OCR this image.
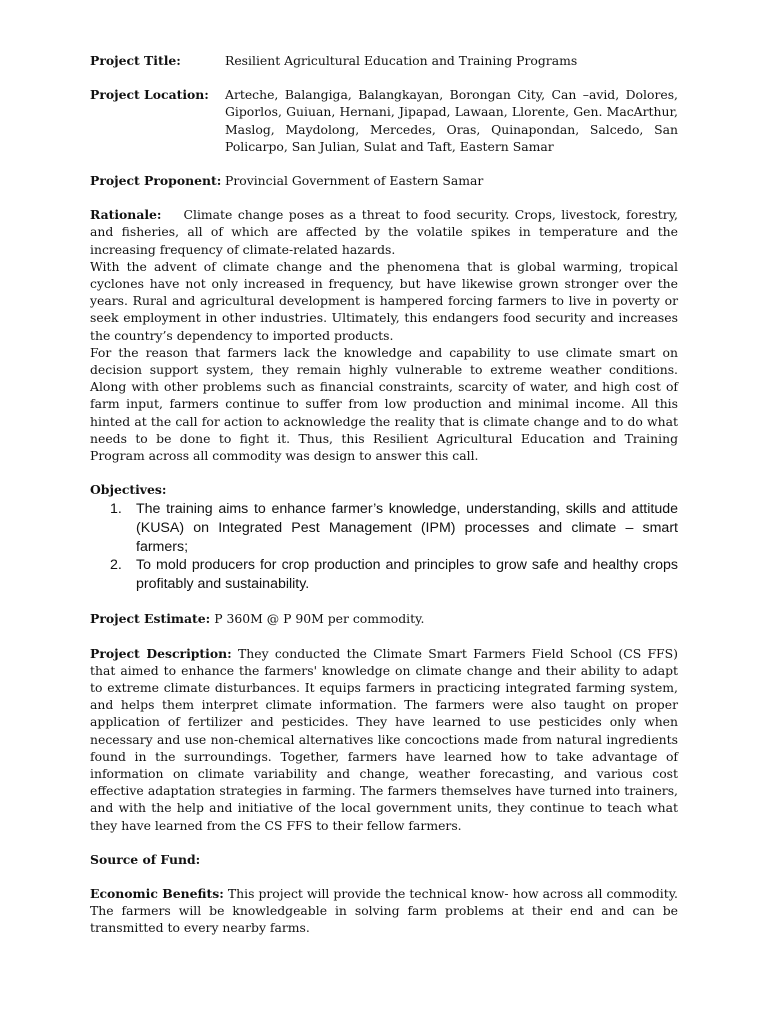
Project Title:	Resilient Agricultural Education and Training Programs
Project Location:	Arteche, Balangiga, Balangkayan, Borongan City, Can –avid, Dolores, Giporlos, Guiuan, Hernani, Jipapad, Lawaan, Llorente, Gen. MacArthur, Maslog, Maydolong, Mercedes, Oras, Quinapondan, Salcedo, San Policarpo, San Julian, Sulat and Taft, Eastern Samar
Project Proponent: Provincial Government of Eastern Samar

Rationale: Climate change poses as a threat to food security. Crops, livestock, forestry, and fisheries, all of which are affected by the volatile spikes in temperature and the increasing frequency of climate-related hazards.

With the advent of climate change and the phenomena that is global warming, tropical cyclones have not only increased in frequency, but have likewise grown stronger over the years. Rural and agricultural development is hampered forcing farmers to live in poverty or seek employment in other industries. Ultimately, this endangers food security and increases the country’s dependency to imported products.

For the reason that farmers lack the knowledge and capability to use climate smart on decision support system, they remain highly vulnerable to extreme weather conditions. Along with other problems such as financial constraints, scarcity of water, and high cost of farm input, farmers continue to suffer from low production and minimal income. All this hinted at the call for action to acknowledge the reality that is climate change and to do what needs to be done to fight it. Thus, this Resilient Agricultural Education and Training Program across all commodity was design to answer this call.

Objectives:
1. The training aims to enhance farmer’s knowledge, understanding, skills and attitude (KUSA) on Integrated Pest Management (IPM) processes and climate – smart farmers;
2. To mold producers for crop production and principles to grow safe and healthy crops profitably and sustainability.

Project Estimate: P 360M @ P 90M per commodity.

Project Description: They conducted the Climate Smart Farmers Field School (CS FFS) that aimed to enhance the farmers' knowledge on climate change and their ability to adapt to extreme climate disturbances. It equips farmers in practicing integrated farming system, and helps them interpret climate information. The farmers were also taught on proper application of fertilizer and pesticides. They have learned to use pesticides only when necessary and use non-chemical alternatives like concoctions made from natural ingredients found in the surroundings. Together, farmers have learned how to take advantage of information on climate variability and change, weather forecasting, and various cost effective adaptation strategies in farming. The farmers themselves have turned into trainers, and with the help and initiative of the local government units, they continue to teach what they have learned from the CS FFS to their fellow farmers.

Source of Fund:

Economic Benefits: This project will provide the technical know- how across all commodity. The farmers will be knowledgeable in solving farm problems at their end and can be transmitted to every nearby farms.
